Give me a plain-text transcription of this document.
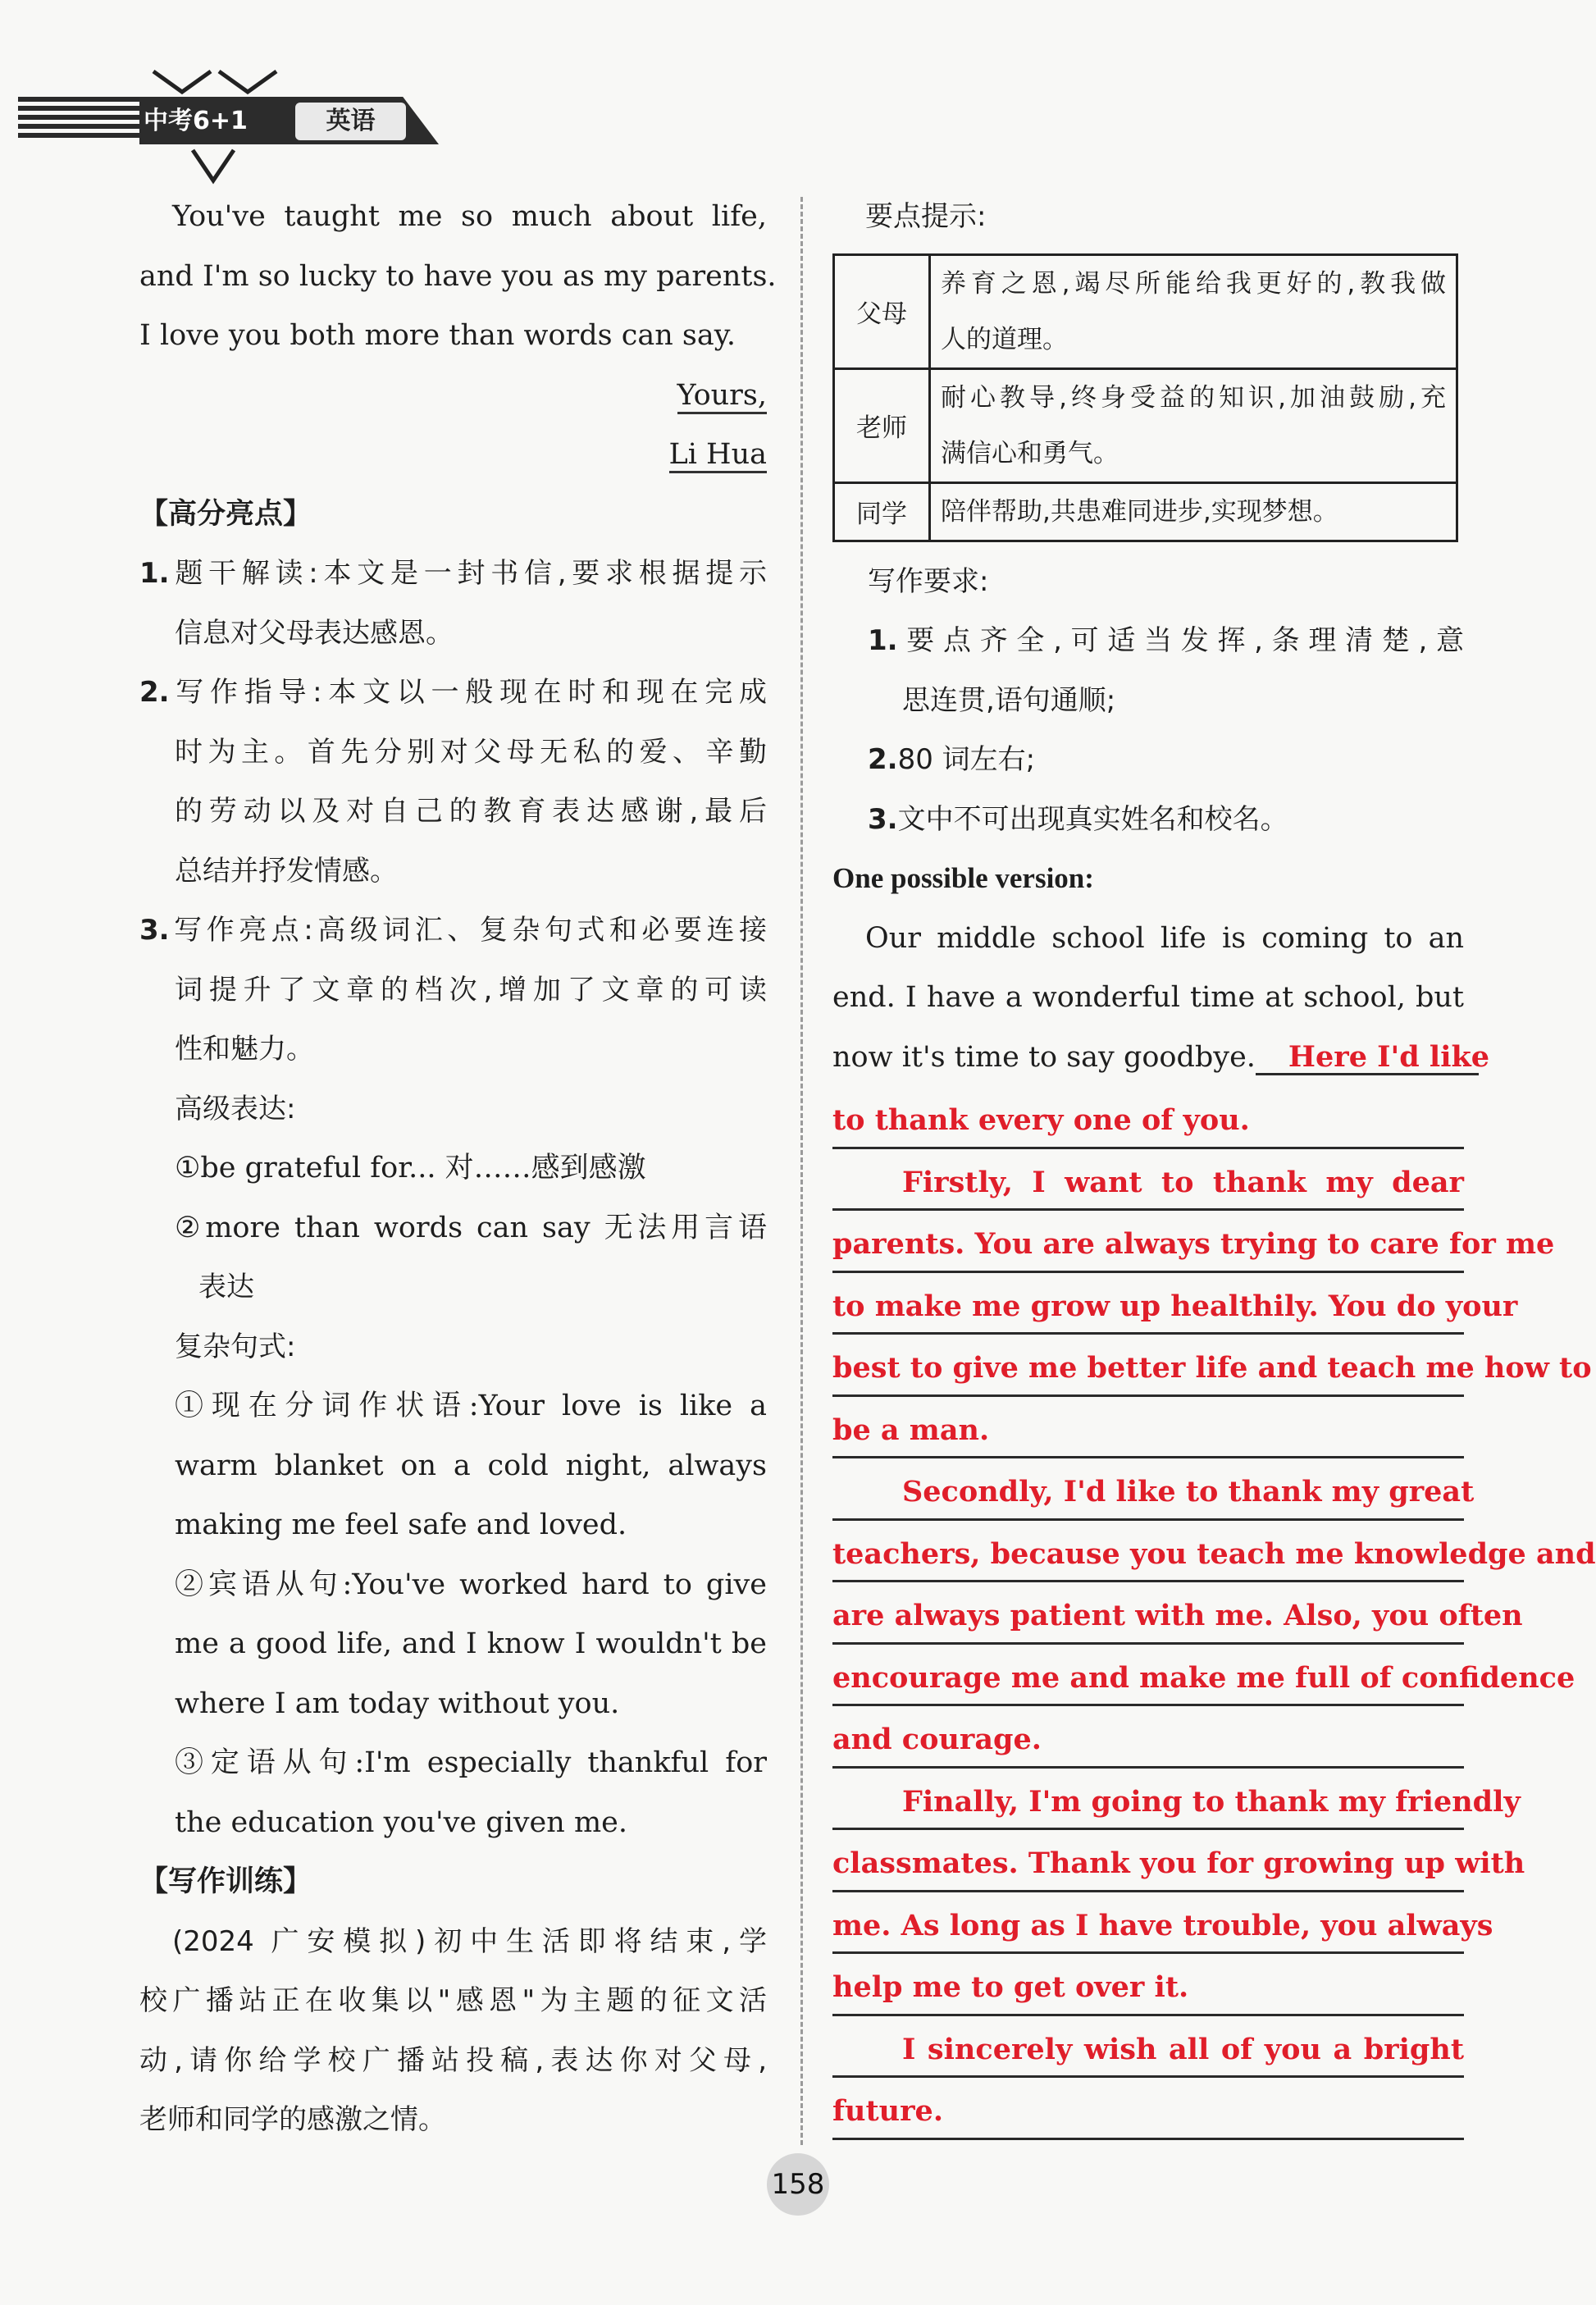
中考6+1	英语
You've taught me so much about life,
and I'm so lucky to have you as my parents.
I love you both more than words can say.
Yours,
Li Hua
【高分亮点】
1.题干解读:本文是一封书信,要求根据提示
信息对父母表达感恩。
2.写作指导:本文以一般现在时和现在完成
时为主。首先分别对父母无私的爱、辛勤
的劳动以及对自己的教育表达感谢,最后
总结并抒发情感。
3.写作亮点:高级词汇、复杂句式和必要连接
词提升了文章的档次,增加了文章的可读
性和魅力。
高级表达:
①be grateful for... 对……感到感激
②more than words can say 无法用言语
表达
复杂句式:
①现在分词作状语:Your love is like a
warm blanket on a cold night, always
making me feel safe and loved.
②宾语从句:You've worked hard to give
me a good life, and I know I wouldn't be
where I am today without you.
③定语从句:I'm especially thankful for
the education you've given me.
【写作训练】
(2024 广安模拟)初中生活即将结束,学
校广播站正在收集以"感恩"为主题的征文活
动,请你给学校广播站投稿,表达你对父母,
老师和同学的感激之情。
要点提示:
父母	养育之恩,竭尽所能给我更好的,教我做
人的道理。

老师	耐心教导,终身受益的知识,加油鼓励,充
满信心和勇气。

同学	陪伴帮助,共患难同进步,实现梦想。
写作要求:
1.要点齐全,可适当发挥,条理清楚,意
思连贯,语句通顺;
2.80 词左右;
3.文中不可出现真实姓名和校名。
One possible version:
Our middle school life is coming to an
end. I have a wonderful time at school, but
now it's time to say goodbye. Here I'd like
to thank every one of you.
Firstly, I want to thank my dear
parents. You are always trying to care for me
to make me grow up healthily. You do your
best to give me better life and teach me how to
be a man.
Secondly, I'd like to thank my great
teachers, because you teach me knowledge and
are always patient with me. Also, you often
encourage me and make me full of confidence
and courage.
Finally, I'm going to thank my friendly
classmates. Thank you for growing up with
me. As long as I have trouble, you always
help me to get over it.
I sincerely wish all of you a bright
future.
158
